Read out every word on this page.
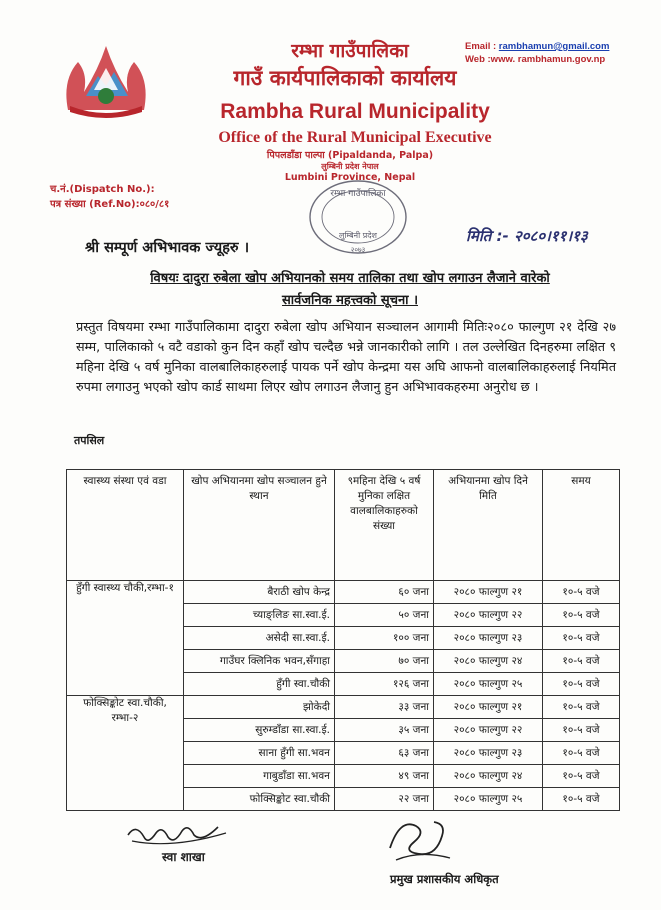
रम्भा गाउँपालिका
गाउँ कार्यपालिकाको कार्यालय
Rambha Rural Municipality
Office of the Rural Municipal Executive
पिपलडाँडा पाल्पा (Pipaldanda, Palpa)
लुम्बिनी प्रदेश नेपाल
Lumbini Province, Nepal
Email : rambhamun@gmail.com
Web :www. rambhamun.gov.np
च.नं.(Dispatch No.):
पत्र संख्या (Ref.No):०८०/८१
रम्भा गाउँपालिका
लुम्बिनी प्रदेश
२०७३
श्री सम्पूर्ण अभिभावक ज्यूहरु ।
मिति :- २०८०।११।१३
विषयः दादुरा रुबेला खोप अभियानको समय तालिका तथा खोप लगाउन लैजाने वारेको
सार्वजनिक महत्त्वको सूचना ।
प्रस्तुत विषयमा रम्भा गाउँपालिकामा दादुरा रुबेला खोप अभियान सञ्चालन आगामी मितिः२०८० फाल्गुण २१ देखि २७ सम्म, पालिकाको ५ वटै वडाको कुन दिन कहाँ खोप चल्दैछ भन्ने जानकारीको लागि । तल उल्लेखित दिनहरुमा लक्षित ९ महिना देखि ५ वर्ष मुनिका वालबालिकाहरुलाई पायक पर्ने खोप केन्द्रमा यस अघि आफनो वालबालिकाहरुलाई नियमित रुपमा लगाउनु भएको खोप कार्ड साथमा लिएर खोप लगाउन लैजानु हुन अभिभावकहरुमा अनुरोध छ ।
तपसिल
स्वास्थ्य संस्था एवं वडा	खोप अभियानमा खोप सञ्चालन हुने स्थान	९महिना देखि ५ वर्ष मुनिका लक्षित वालबालिकाहरुको संख्या	अभियानमा खोप दिने मिति	समय
हुँगी स्वास्थ्य चौकी,रम्भा-१	बैराठी खोप केन्द्र	६० जना	२०८० फाल्गुण २१	१०-५ वजे
	च्याङ्लिङ सा.स्वा.ई.	५० जना	२०८० फाल्गुण २२	१०-५ वजे
	असेदी सा.स्वा.ई.	१०० जना	२०८० फाल्गुण २३	१०-५ वजे
	गाउँघर क्लिनिक भवन,सँगाहा	७० जना	२०८० फाल्गुण २४	१०-५ वजे
	हुँगी स्वा.चौकी	१२६ जना	२०८० फाल्गुण २५	१०-५ वजे
फोक्सिङ्कोट स्वा.चौकी, रम्भा-२	झोकेदी	३३ जना	२०८० फाल्गुण २१	१०-५ वजे
	सुरुम्डाँडा सा.स्वा.ई.	३५ जना	२०८० फाल्गुण २२	१०-५ वजे
	साना हुँगी सा.भवन	६३ जना	२०८० फाल्गुण २३	१०-५ वजे
	गाबुडाँडा सा.भवन	४९ जना	२०८० फाल्गुण २४	१०-५ वजे
	फोक्सिङ्कोट स्वा.चौकी	२२ जना	२०८० फाल्गुण २५	१०-५ वजे
स्वा शाखा
प्रमुख प्रशासकीय अधिकृत
